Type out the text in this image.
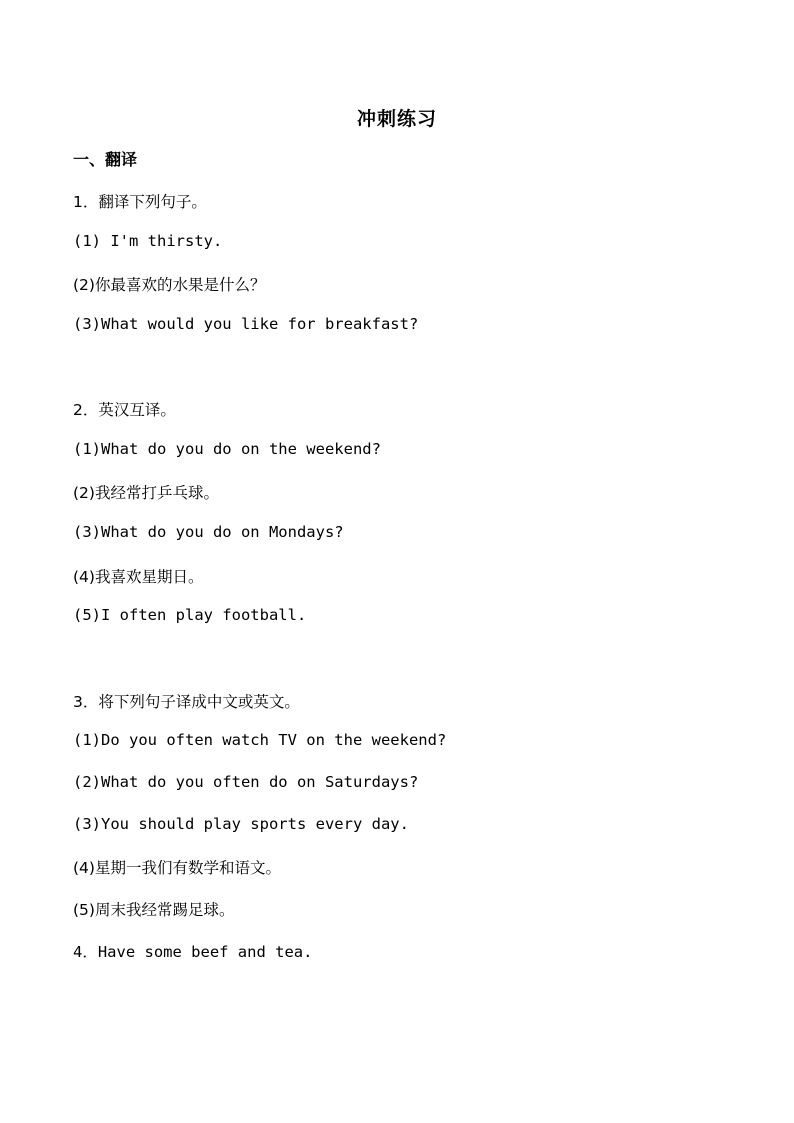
冲刺练习
一、翻译
1．翻译下列句子。
(1) I'm thirsty.
(2)你最喜欢的水果是什么？
(3)What would you like for breakfast?
2．英汉互译。
(1)What do you do on the weekend?
(2)我经常打乒乓球。
(3)What do you do on Mondays?
(4)我喜欢星期日。
(5)I often play football.
3．将下列句子译成中文或英文。
(1)Do you often watch TV on the weekend?
(2)What do you often do on Saturdays?
(3)You should play sports every day.
(4)星期一我们有数学和语文。
(5)周末我经常踢足球。
4．Have some beef and tea.
